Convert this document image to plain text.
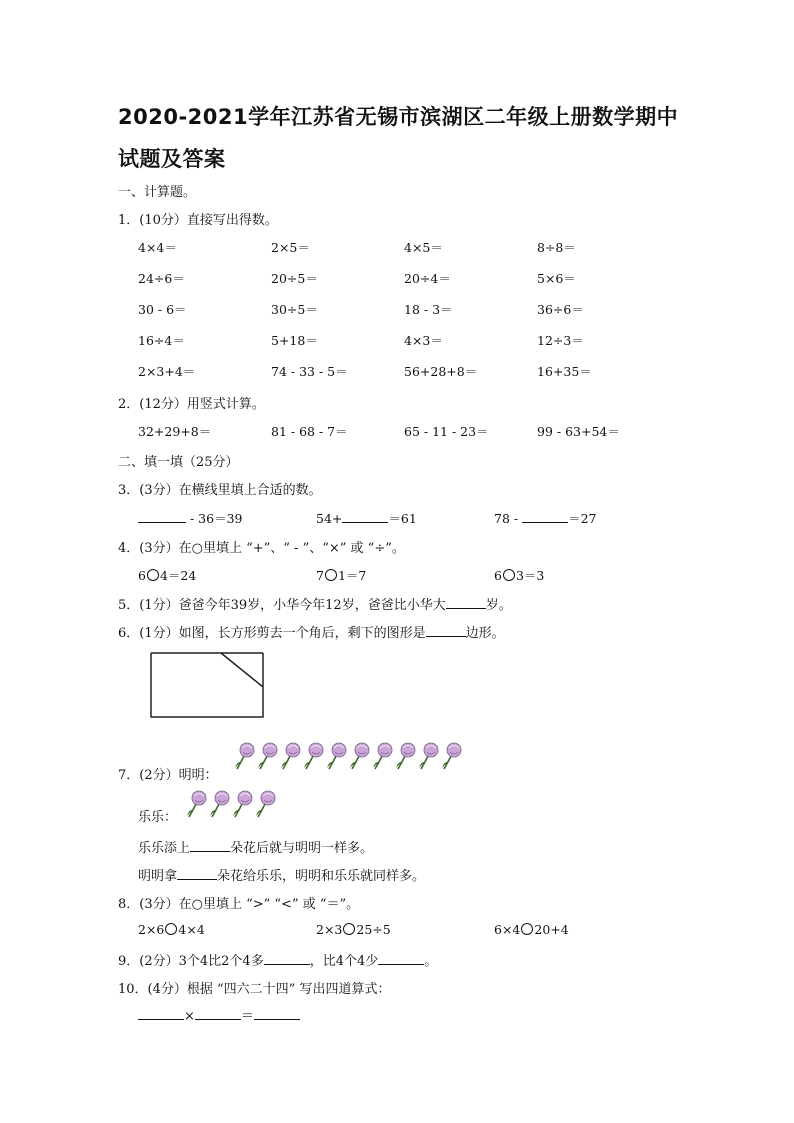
2020-2021学年江苏省无锡市滨湖区二年级上册数学期中试题及答案
一、计算题。
1．(10分）直接写出得数。
4×4＝	2×5＝	4×5＝	8÷8＝
24÷6＝	20÷5＝	20÷4＝	5×6＝
30 - 6＝	30÷5＝	18 - 3＝	36÷6＝
16÷4＝	5+18＝	4×3＝	12÷3＝
2×3+4＝	74 - 33 - 5＝	56+28+8＝	16+35＝
2．(12分）用竖式计算。
32+29+8＝	81 - 68 - 7＝	65 - 11 - 23＝	99 - 63+54＝
二、填一填（25分）
3．(3分）在横线里填上合适的数。
- 36＝39	54+	＝61	78 -	＝27
4．(3分）在○里填上 “+”、“ - ”、“×” 或 “÷”。
6 4＝24	7 1＝7	6 3＝3
5．(1分）爸爸今年39岁，小华今年12岁，爸爸比小华大	岁。
6．(1分）如图，长方形剪去一个角后，剩下的图形是	边形。
7．(2分）明明：
乐乐：
乐乐添上	朵花后就与明明一样多。
明明拿	朵花给乐乐，明明和乐乐就同样多。
8．(3分）在○里填上 “>” “<” 或 “＝”。
2×6 4×4	2×3 25÷5	6×4 20+4
9．(2分）3个4比2个4多	，比4个4少	。
10．(4分）根据 “四六二十四” 写出四道算式：
×	＝
